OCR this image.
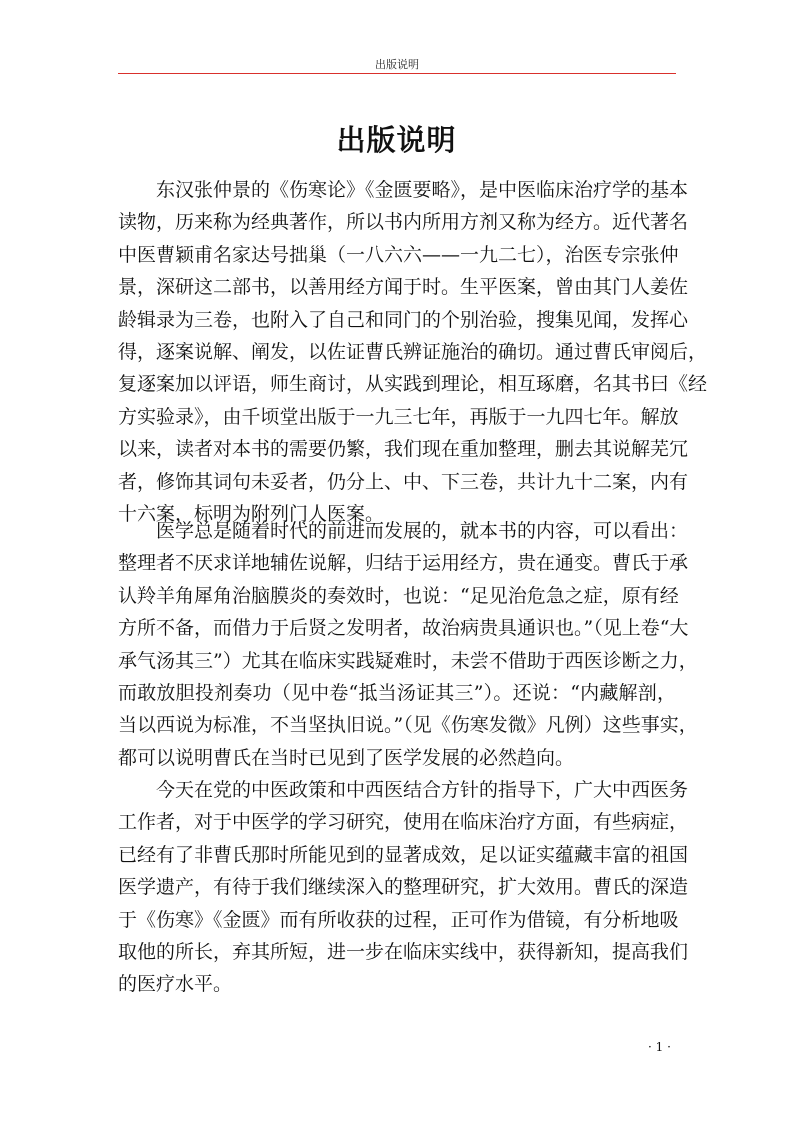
出版说明
出版说明
东汉张仲景的《伤寒论》《金匮要略》，是中医临床治疗学的基本
读物，历来称为经典著作，所以书内所用方剂又称为经方。近代著名
中医曹颖甫名家达号拙巢（一八六六——一九二七），治医专宗张仲
景，深研这二部书，以善用经方闻于时。生平医案，曾由其门人姜佐
龄辑录为三卷，也附入了自己和同门的个别治验，搜集见闻，发挥心
得，逐案说解、阐发，以佐证曹氏辨证施治的确切。通过曹氏审阅后，
复逐案加以评语，师生商讨，从实践到理论，相互琢磨，名其书曰《经
方实验录》，由千顷堂出版于一九三七年，再版于一九四七年。解放
以来，读者对本书的需要仍繁，我们现在重加整理，删去其说解芜冗
者，修饰其词句未妥者，仍分上、中、下三卷，共计九十二案，内有
十六案，标明为附列门人医案。
医学总是随着时代的前进而发展的，就本书的内容，可以看出：
整理者不厌求详地辅佐说解，归结于运用经方，贵在通变。曹氏于承
认羚羊角犀角治脑膜炎的奏效时，也说：“足见治危急之症，原有经
方所不备，而借力于后贤之发明者，故治病贵具通识也。”（见上卷“大
承气汤其三”）尤其在临床实践疑难时，未尝不借助于西医诊断之力，
而敢放胆投剂奏功（见中卷“抵当汤证其三”）。还说：“内藏解剖，
当以西说为标准，不当坚执旧说。”（见《伤寒发微》凡例）这些事实，
都可以说明曹氏在当时已见到了医学发展的必然趋向。
今天在党的中医政策和中西医结合方针的指导下，广大中西医务
工作者，对于中医学的学习研究，使用在临床治疗方面，有些病症，
已经有了非曹氏那时所能见到的显著成效，足以证实蕴藏丰富的祖国
医学遗产，有待于我们继续深入的整理研究，扩大效用。曹氏的深造
于《伤寒》《金匮》而有所收获的过程，正可作为借镜，有分析地吸
取他的所长，弃其所短，进一步在临床实线中，获得新知，提高我们
的医疗水平。
· 1 ·
